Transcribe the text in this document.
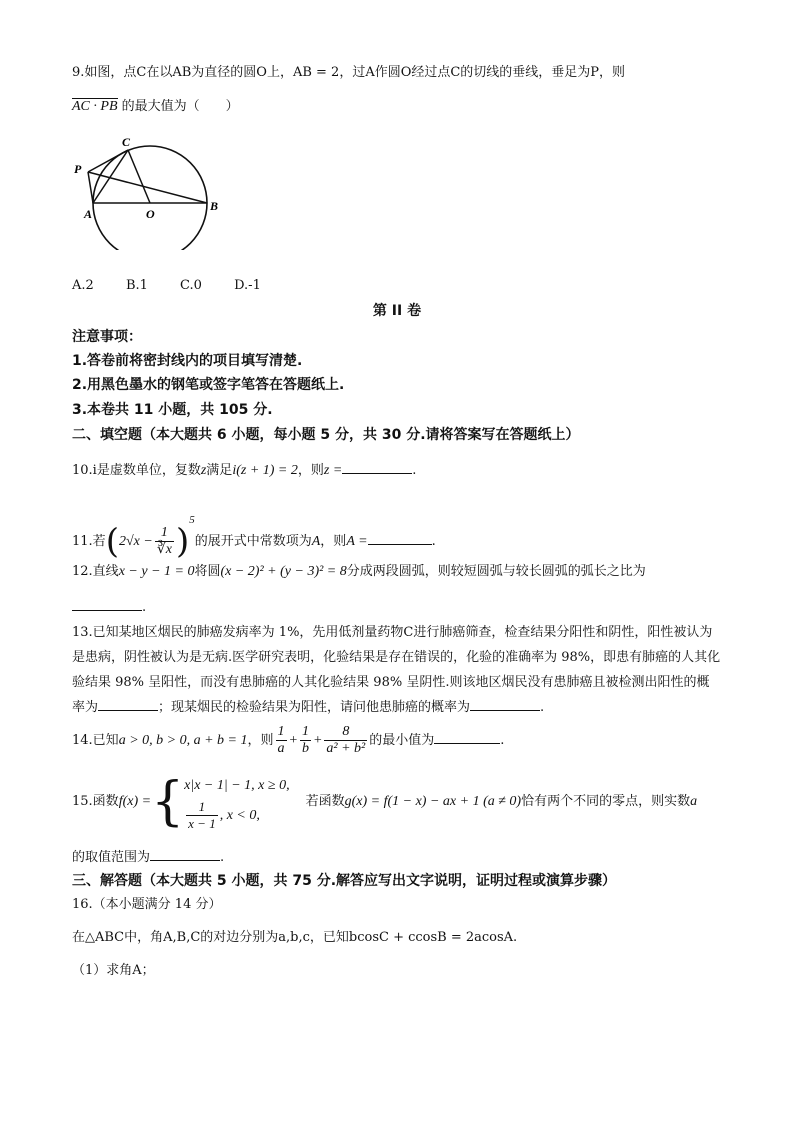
9.如图，点C在以AB为直径的圆O上，AB = 2，过A作圆O经过点C的切线的垂线，垂足为P，则
AC · PB 的最大值为（　　）
P
C
A	O
B
A.2 B.1 C.0 D.-1
第 II 卷
注意事项：
1.答卷前将密封线内的项目填写清楚.
2.用黑色墨水的钢笔或签字笔答在答题纸上.
3.本卷共 11 小题，共 105 分.
二、填空题（本大题共 6 小题，每小题 5 分，共 30 分.请将答案写在答题纸上）
10.i是虚数单位，复数z满足i(z + 1) = 2，则z =	.
11.若$(2√x - \frac{1}{∛x} )^5$的展开式中常数项为A，则A =	.
12.直线x − y − 1 = 0将圆(x − 2)² + (y − 3)² = 8分成两段圆弧，则较短圆弧与较长圆弧的弧长之比为
.
13.已知某地区烟民的肺癌发病率为 1%，先用低剂量药物C进行肺癌筛查，检查结果分阳性和阴性，阳性被认为是患病，阴性被认为是无病.医学研究表明，化验结果是存在错误的，化验的准确率为 98%，即患有肺癌的人其化验结果 98% 呈阳性，而没有患肺癌的人其化验结果 98% 呈阴性.则该地区烟民没有患肺癌且被检测出阳性的概率为	；现某烟民的检验结果为阳性，请问他患肺癌的概率为	.
14.已知a > 0, b > 0, a + b = 1，则 $\frac{1}{a} + \frac{1}{b} + \frac{8}{\text{a² + b²}}$ 的最小值为	.
15.函数f(x) ={ x|x − 1| − 1, x ≥ 0,
$\frac{1}{x - 1}$ , x < 0,
若函数g(x) = f(1 − x) − ax + 1 (a ≠ 0)恰有两个不同的零点，则实数a
的取值范围为	.
三、解答题（本大题共 5 小题，共 75 分.解答应写出文字说明，证明过程或演算步骤）
16.（本小题满分 14 分）
在△ABC中，角A,B,C的对边分别为a,b,c，已知bcosC + ccosB = 2acosA.
（1）求角A；
